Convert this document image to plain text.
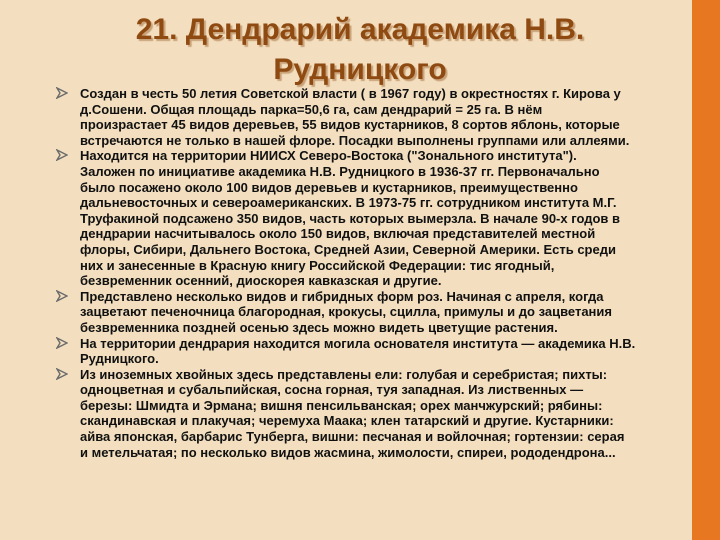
21. Дендрарий академика Н.В.
Рудницкого
Создан в честь 50 летия Советской власти ( в 1967 году) в окрестностях г. Кирова у
д.Сошени. Общая площадь парка=50,6 га, сам дендрарий = 25 га. В нём
произрастает 45 видов деревьев, 55 видов кустарников, 8 сортов яблонь, которые
встречаются не только в нашей флоре. Посадки выполнены группами или аллеями.
Находится на территории НИИСХ Северо-Востока ("Зонального института").
Заложен по инициативе академика Н.В. Рудницкого в 1936-37 гг. Первоначально
было посажено около 100 видов деревьев и кустарников, преимущественно
дальневосточных и североамериканских. В 1973-75 гг. сотрудником института М.Г.
Труфакиной подсажено 350 видов, часть которых вымерзла. В начале 90-х годов в
дендрарии насчитывалось около 150 видов, включая представителей местной
флоры, Сибири, Дальнего Востока, Средней Азии, Северной Америки. Есть среди
них и занесенные в Красную книгу Российской Федерации: тис ягодный,
безвременник осенний, диоскорея кавказская и другие.
Представлено несколько видов и гибридных форм роз. Начиная с апреля, когда
зацветают печеночница благородная, крокусы, сцилла, примулы и до зацветания
безвременника поздней осенью здесь можно видеть цветущие растения.
На территории дендрария находится могила основателя института — академика Н.В.
Рудницкого.
Из иноземных хвойных здесь представлены ели: голубая и серебристая; пихты:
одноцветная и субальпийская, сосна горная, туя западная. Из лиственных —
березы: Шмидта и Эрмана; вишня пенсильванская; орех манчжурский; рябины:
скандинавская и плакучая; черемуха Маака; клен татарский и другие. Кустарники:
айва японская, барбарис Тунберга, вишни: песчаная и войлочная; гортензии: серая
и метельчатая; по несколько видов жасмина, жимолости, спиреи, рододендрона...
